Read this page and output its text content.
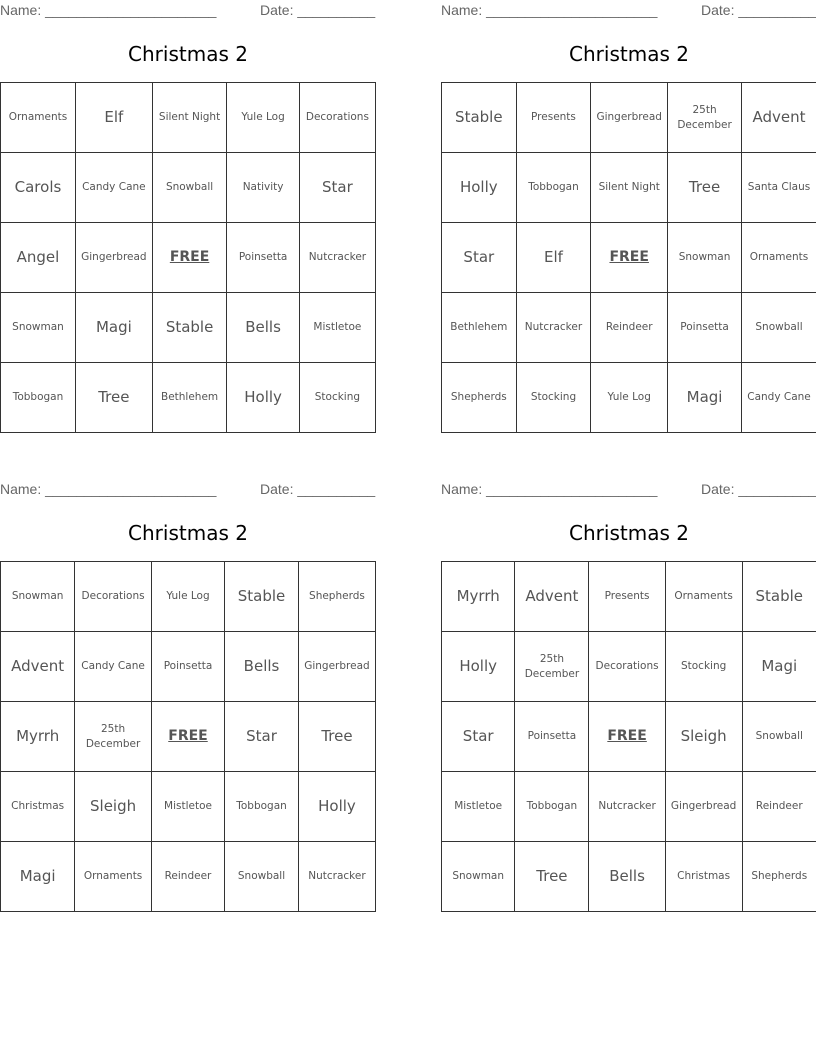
Name: ______________________	Date: __________
Christmas 2
Ornaments	Elf	Silent Night	Yule Log	Decorations
Carols	Candy Cane	Snowball	Nativity	Star
Angel	Gingerbread	FREE	Poinsetta	Nutcracker
Snowman	Magi	Stable	Bells	Mistletoe
Tobbogan	Tree	Bethlehem	Holly	Stocking
Name: ______________________	Date: __________
Christmas 2
Stable	Presents	Gingerbread	25th December	Advent
Holly	Tobbogan	Silent Night	Tree	Santa Claus
Star	Elf	FREE	Snowman	Ornaments
Bethlehem	Nutcracker	Reindeer	Poinsetta	Snowball
Shepherds	Stocking	Yule Log	Magi	Candy Cane
Name: ______________________	Date: __________
Christmas 2
Snowman	Decorations	Yule Log	Stable	Shepherds
Advent	Candy Cane	Poinsetta	Bells	Gingerbread
Myrrh	25th December	FREE	Star	Tree
Christmas	Sleigh	Mistletoe	Tobbogan	Holly
Magi	Ornaments	Reindeer	Snowball	Nutcracker
Name: ______________________	Date: __________
Christmas 2
Myrrh	Advent	Presents	Ornaments	Stable
Holly	25th December	Decorations	Stocking	Magi
Star	Poinsetta	FREE	Sleigh	Snowball
Mistletoe	Tobbogan	Nutcracker	Gingerbread	Reindeer
Snowman	Tree	Bells	Christmas	Shepherds
